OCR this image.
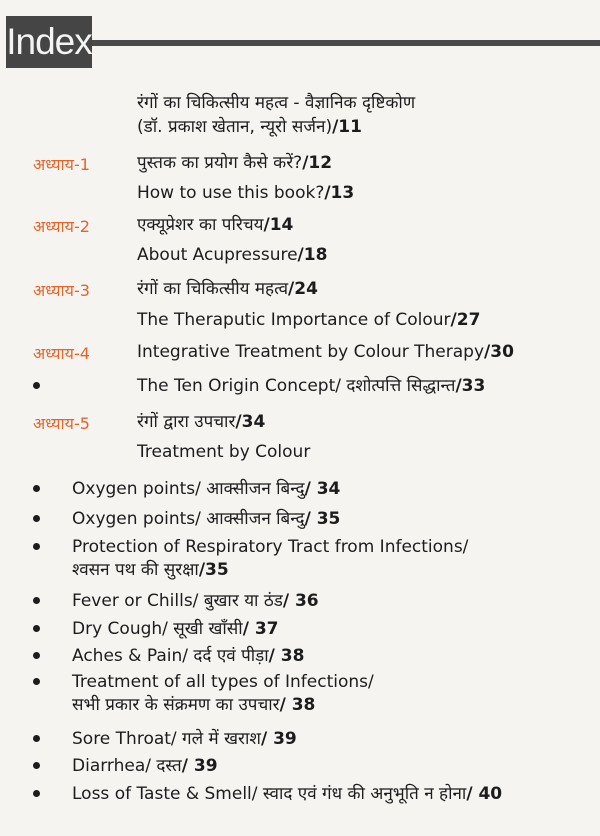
Index
रंगों का चिकित्सीय महत्व - वैज्ञानिक दृष्टिकोण
(डॉ. प्रकाश खेतान, न्यूरो सर्जन)/11
अध्याय-1	पुस्तक का प्रयोग कैसे करें?/12
How to use this book?/13
अध्याय-2	एक्यूप्रेशर का परिचय/14
About Acupressure/18
अध्याय-3	रंगों का चिकित्सीय महत्व/24
The Theraputic Importance of Colour/27
अध्याय-4	Integrative Treatment by Colour Therapy/30
The Ten Origin Concept/ दशोत्पत्ति सिद्धान्त/33
अध्याय-5	रंगों द्वारा उपचार/34
Treatment by Colour
Oxygen points/ आक्सीजन बिन्दु/ 34
Oxygen points/ आक्सीजन बिन्दु/ 35
Protection of Respiratory Tract from Infections/
श्वसन पथ की सुरक्षा/35
Fever or Chills/ बुखार या ठंड/ 36
Dry Cough/ सूखी खाँसी/ 37
Aches & Pain/ दर्द एवं पीड़ा/ 38
Treatment of all types of Infections/
सभी प्रकार के संक्रमण का उपचार/ 38
Sore Throat/ गले में खराश/ 39
Diarrhea/ दस्त/ 39
Loss of Taste & Smell/ स्वाद एवं गंध की अनुभूति न होना/ 40
